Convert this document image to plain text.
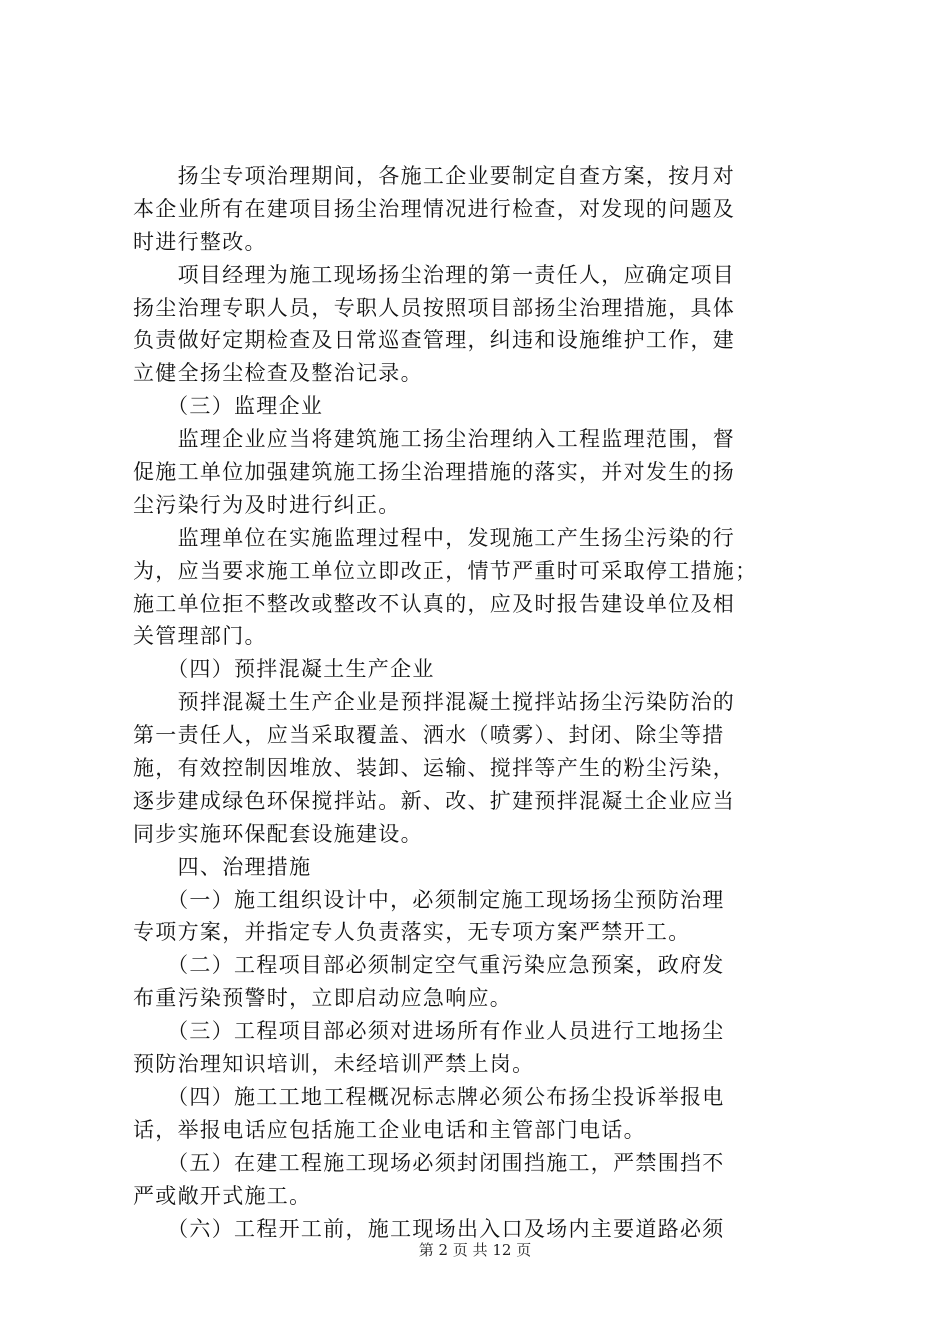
　　扬尘专项治理期间，各施工企业要制定自查方案，按月对
本企业所有在建项目扬尘治理情况进行检查，对发现的问题及
时进行整改。
　　项目经理为施工现场扬尘治理的第一责任人，应确定项目
扬尘治理专职人员，专职人员按照项目部扬尘治理措施，具体
负责做好定期检查及日常巡查管理，纠违和设施维护工作，建
立健全扬尘检查及整治记录。
　　（三）监理企业
　　监理企业应当将建筑施工扬尘治理纳入工程监理范围，督
促施工单位加强建筑施工扬尘治理措施的落实，并对发生的扬
尘污染行为及时进行纠正。
　　监理单位在实施监理过程中，发现施工产生扬尘污染的行
为，应当要求施工单位立即改正，情节严重时可采取停工措施；
施工单位拒不整改或整改不认真的，应及时报告建设单位及相
关管理部门。
　　（四）预拌混凝土生产企业
　　预拌混凝土生产企业是预拌混凝土搅拌站扬尘污染防治的
第一责任人，应当采取覆盖、洒水（喷雾）、封闭、除尘等措
施，有效控制因堆放、装卸、运输、搅拌等产生的粉尘污染，
逐步建成绿色环保搅拌站。新、改、扩建预拌混凝土企业应当
同步实施环保配套设施建设。
　　四、治理措施
　　（一）施工组织设计中，必须制定施工现场扬尘预防治理
专项方案，并指定专人负责落实，无专项方案严禁开工。
　　（二）工程项目部必须制定空气重污染应急预案，政府发
布重污染预警时，立即启动应急响应。
　　（三）工程项目部必须对进场所有作业人员进行工地扬尘
预防治理知识培训，未经培训严禁上岗。
　　（四）施工工地工程概况标志牌必须公布扬尘投诉举报电
话，举报电话应包括施工企业电话和主管部门电话。
　　（五）在建工程施工现场必须封闭围挡施工，严禁围挡不
严或敞开式施工。
　　（六）工程开工前，施工现场出入口及场内主要道路必须
第 2 页 共 12 页
